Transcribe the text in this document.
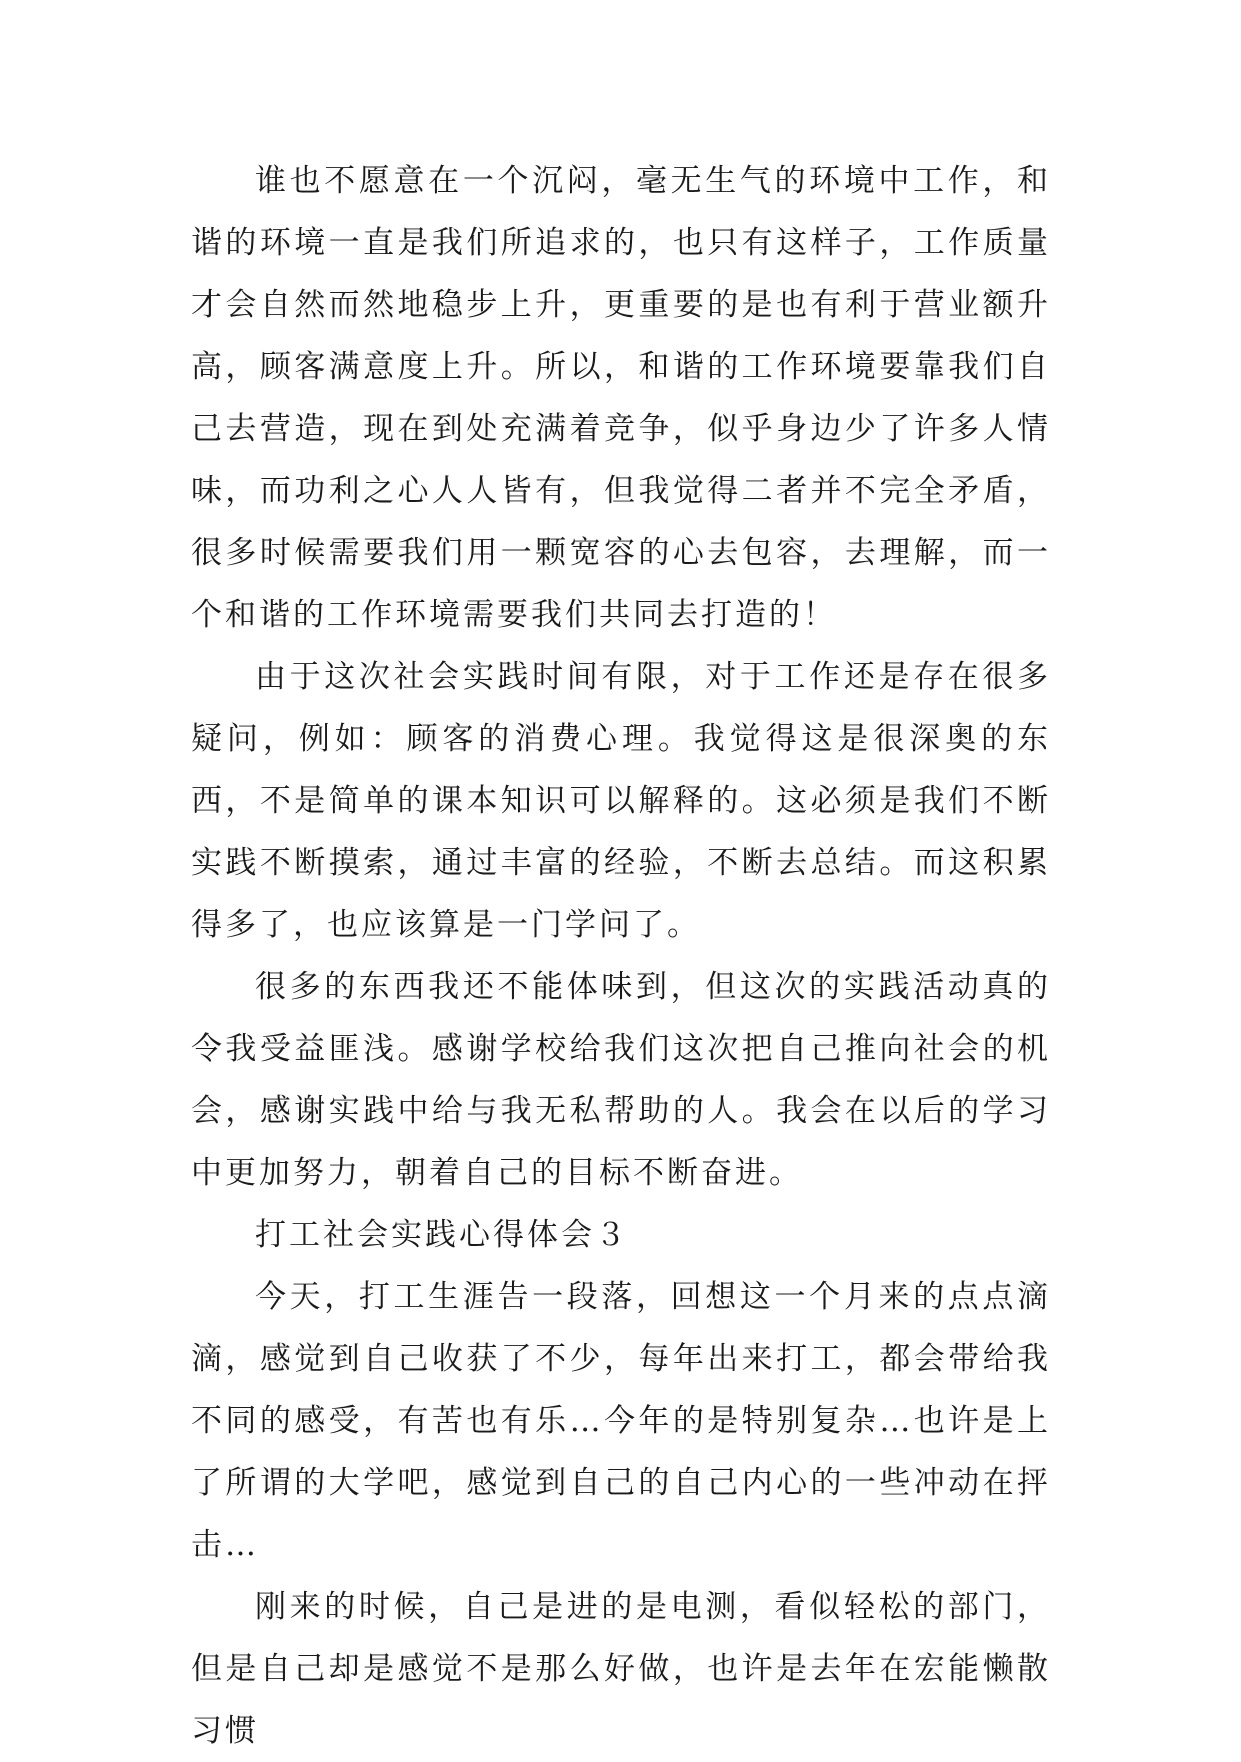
谁也不愿意在一个沉闷，毫无生气的环境中工作，和谐的环境一直是我们所追求的，也只有这样子，工作质量才会自然而然地稳步上升，更重要的是也有利于营业额升高，顾客满意度上升。所以，和谐的工作环境要靠我们自己去营造，现在到处充满着竞争，似乎身边少了许多人情味，而功利之心人人皆有，但我觉得二者并不完全矛盾，很多时候需要我们用一颗宽容的心去包容，去理解，而一个和谐的工作环境需要我们共同去打造的！

由于这次社会实践时间有限，对于工作还是存在很多疑问，例如：顾客的消费心理。我觉得这是很深奥的东西，不是简单的课本知识可以解释的。这必须是我们不断实践不断摸索，通过丰富的经验，不断去总结。而这积累得多了，也应该算是一门学问了。

很多的东西我还不能体味到，但这次的实践活动真的令我受益匪浅。感谢学校给我们这次把自己推向社会的机会，感谢实践中给与我无私帮助的人。我会在以后的学习中更加努力，朝着自己的目标不断奋进。

打工社会实践心得体会３

今天，打工生涯告一段落，回想这一个月来的点点滴滴，感觉到自己收获了不少，每年出来打工，都会带给我不同的感受，有苦也有乐…今年的是特别复杂…也许是上了所谓的大学吧，感觉到自己的自己内心的一些冲动在抨击…

刚来的时候，自己是进的是电测，看似轻松的部门，但是自己却是感觉不是那么好做，也许是去年在宏能懒散习惯
